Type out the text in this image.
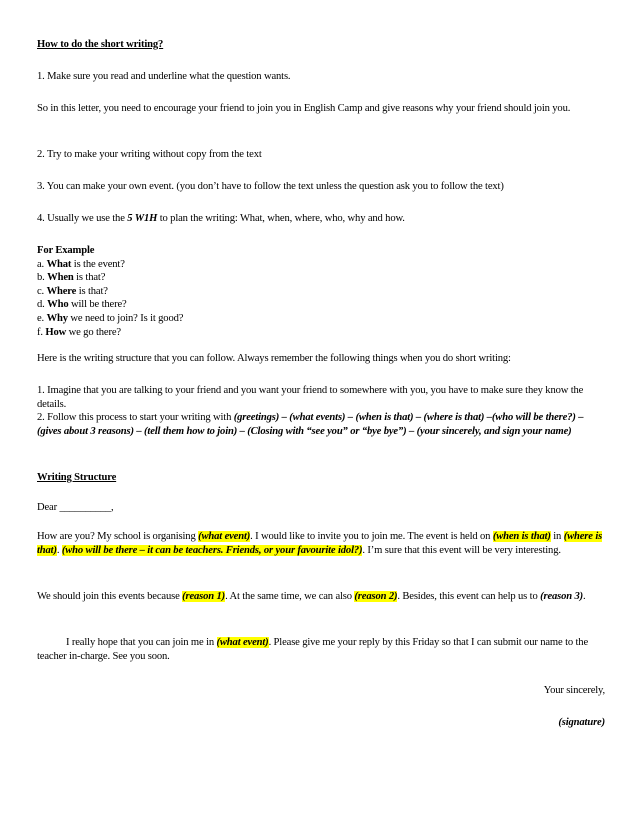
How to do the short writing?

1. Make sure you read and underline what the question wants.

So in this letter, you need to encourage your friend to join you in English Camp and give reasons why your friend should join you.

2. Try to make your writing without copy from the text

3. You can make your own event. (you don’t have to follow the text unless the question ask you to follow the text)

4. Usually we use the 5 W1H to plan the writing: What, when, where, who, why and how.

For Example
a. What is the event?
b. When is that?
c. Where is that?
d. Who will be there?
e. Why we need to join? Is it good?
f. How we go there?

Here is the writing structure that you can follow. Always remember the following things when you do short writing:

1. Imagine that you are talking to your friend and you want your friend to somewhere with you, you have to make sure they know the details.
2. Follow this process to start your writing with (greetings) – (what events) – (when is that) – (where is that) –(who will be there?) – (gives about 3 reasons) – (tell them how to join) – (Closing with “see you” or “bye bye”) – (your sincerely, and sign your name)

Writing Structure

Dear __________,

How are you? My school is organising (what event). I would like to invite you to join me. The event is held on (when is that) in (where is that). (who will be there – it can be teachers. Friends, or your favourite idol?). I’m sure that this event will be very interesting.

We should join this events because (reason 1). At the same time, we can also (reason 2). Besides, this event can help us to (reason 3).

I really hope that you can join me in (what event). Please give me your reply by this Friday so that I can submit our name to the teacher in-charge. See you soon.

Your sincerely,

(signature)
